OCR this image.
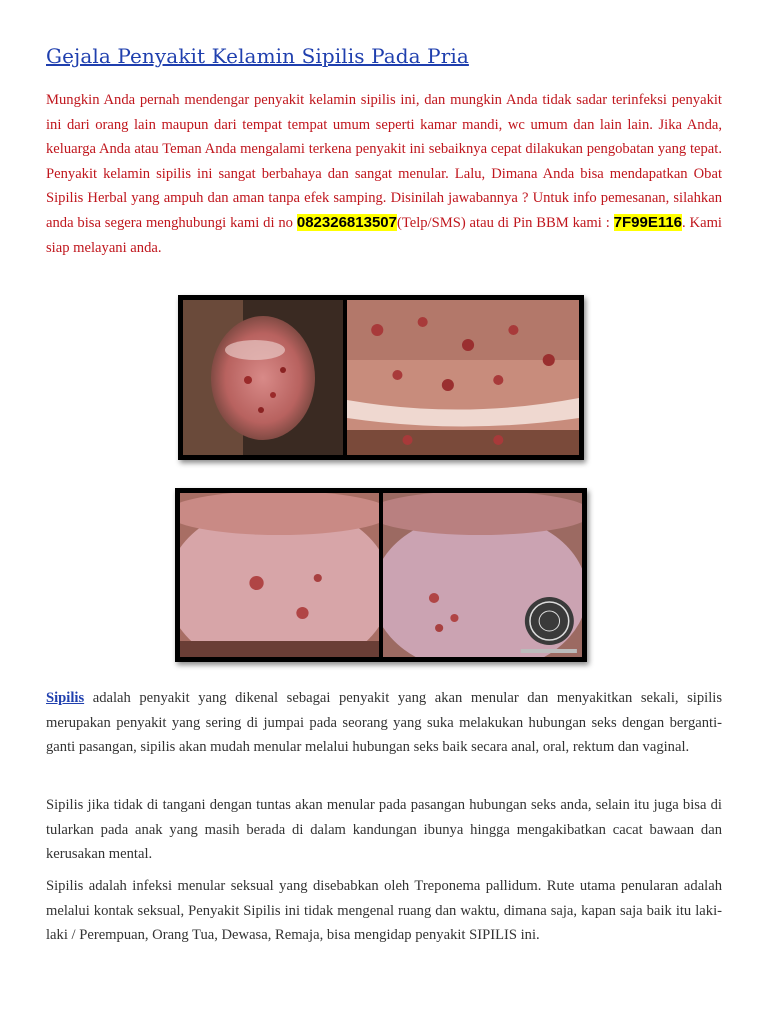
Gejala Penyakit Kelamin Sipilis Pada Pria

Mungkin Anda pernah mendengar penyakit kelamin sipilis ini, dan mungkin Anda tidak sadar terinfeksi penyakit ini dari orang lain maupun dari tempat tempat umum seperti kamar mandi, wc umum dan lain lain. Jika Anda, keluarga Anda atau Teman Anda mengalami terkena penyakit ini sebaiknya cepat dilakukan pengobatan yang tepat. Penyakit kelamin sipilis ini sangat berbahaya dan sangat menular. Lalu, Dimana Anda bisa mendapatkan Obat Sipilis Herbal yang ampuh dan aman tanpa efek samping. Disinilah jawabannya ? Untuk info pemesanan, silahkan anda bisa segera menghubungi kami di no 082326813507(Telp/SMS) atau di Pin BBM kami : 7F99E116. Kami siap melayani anda.

Sipilis adalah penyakit yang dikenal sebagai penyakit yang akan menular dan menyakitkan sekali, sipilis merupakan penyakit yang sering di jumpai pada seorang yang suka melakukan hubungan seks dengan berganti-ganti pasangan, sipilis akan mudah menular melalui hubungan seks baik secara anal, oral, rektum dan vaginal.

Sipilis jika tidak di tangani dengan tuntas akan menular pada pasangan hubungan seks anda, selain itu juga bisa di tularkan pada anak yang masih berada di dalam kandungan ibunya hingga mengakibatkan cacat bawaan dan kerusakan mental.

Sipilis adalah infeksi menular seksual yang disebabkan oleh Treponema pallidum. Rute utama penularan adalah melalui kontak seksual, Penyakit Sipilis ini tidak mengenal ruang dan waktu, dimana saja, kapan saja baik itu laki-laki / Perempuan, Orang Tua, Dewasa, Remaja, bisa mengidap penyakit SIPILIS ini.
